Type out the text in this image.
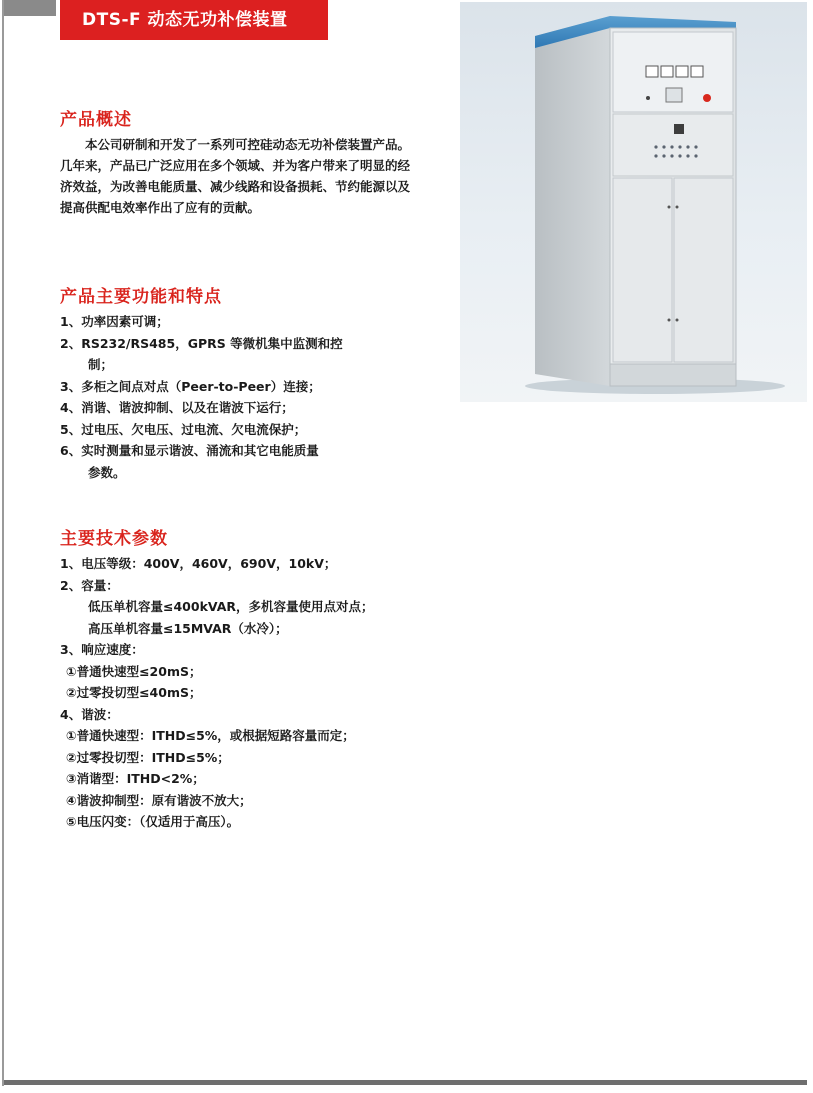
DTS-F 动态无功补偿装置
产品概述

本公司研制和开发了一系列可控硅动态无功补偿装置产品。几年来，产品已广泛应用在多个领域、并为客户带来了明显的经济效益，为改善电能质量、减少线路和设备损耗、节约能源以及提高供配电效率作出了应有的贡献。

产品主要功能和特点
1、功率因素可调；
2、RS232/RS485，GPRS 等微机集中监测和控
制；
3、多柜之间点对点（Peer-to-Peer）连接；
4、消谐、谐波抑制、以及在谐波下运行；
5、过电压、欠电压、过电流、欠电流保护；
6、实时测量和显示谐波、涌流和其它电能质量
参数。
主要技术参数
1、电压等级：400V，460V，690V，10kV；
2、容量：
低压单机容量≤400kVAR，多机容量使用点对点；
高压单机容量≤15MVAR（水冷）；
3、响应速度：
①普通快速型≤20mS；
②过零投切型≤40mS；
4、谐波：
①普通快速型：ITHD≤5%，或根据短路容量而定；
②过零投切型：ITHD≤5%；
③消谐型：ITHD<2%；
④谐波抑制型：原有谐波不放大；
⑤电压闪变：（仅适用于高压）。
